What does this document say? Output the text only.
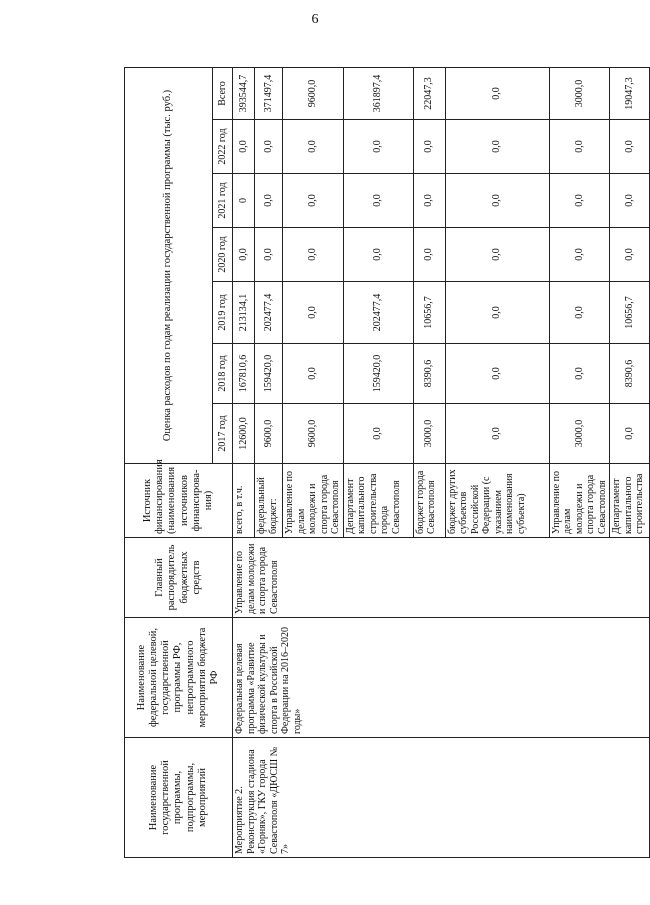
6
Наименование государственной программы, подпрограммы, мероприятий	Наименование федеральной целевой, государственной программы РФ, непрограммного мероприятия бюджета РФ	Главный распорядитель бюджетных средств	Источник финансирования (наименования источников финансирова-ния)	Оценка расходов по годам реализации государственной программы (тыс. руб.)						
				2017 год	2018 год	2019 год	2020 год	2021 год	2022 год	Всего
Мероприятие 2. Реконструкция стадиона «Горняк», ГКУ города Севастополя «ДЮСШ № 7»	Федеральная целевая программа «Развитие физической культуры и спорта в Российской Федерации на 2016–2020 годы»	Управление по делам молодежи и спорта города Севастополя	всего, в т.ч.	12600,0	167810,6	213134,1	0,0	0	0,0	393544,7
			федеральный бюджет:	9600,0	159420,0	202477,4	0,0	0,0	0,0	371497,4
			Управление по делам молодежи и спорта города Севастополя	9600,0	0,0	0,0	0,0	0,0	0,0	9600,0
			Департамент капитального строительства города Севастополя	0,0	159420,0	202477,4	0,0	0,0	0,0	361897,4
			бюджет города Севастополя	3000,0	8390,6	10656,7	0,0	0,0	0,0	22047,3
			бюджет других субъектов Российской Федерации (с указанием наименования субъекта)	0,0	0,0	0,0	0,0	0,0	0,0	0,0
			Управление по делам молодежи и спорта города Севастополя	3000,0	0,0	0,0	0,0	0,0	0,0	3000,0
			Департамент капитального строительства	0,0	8390,6	10656,7	0,0	0,0	0,0	19047,3
